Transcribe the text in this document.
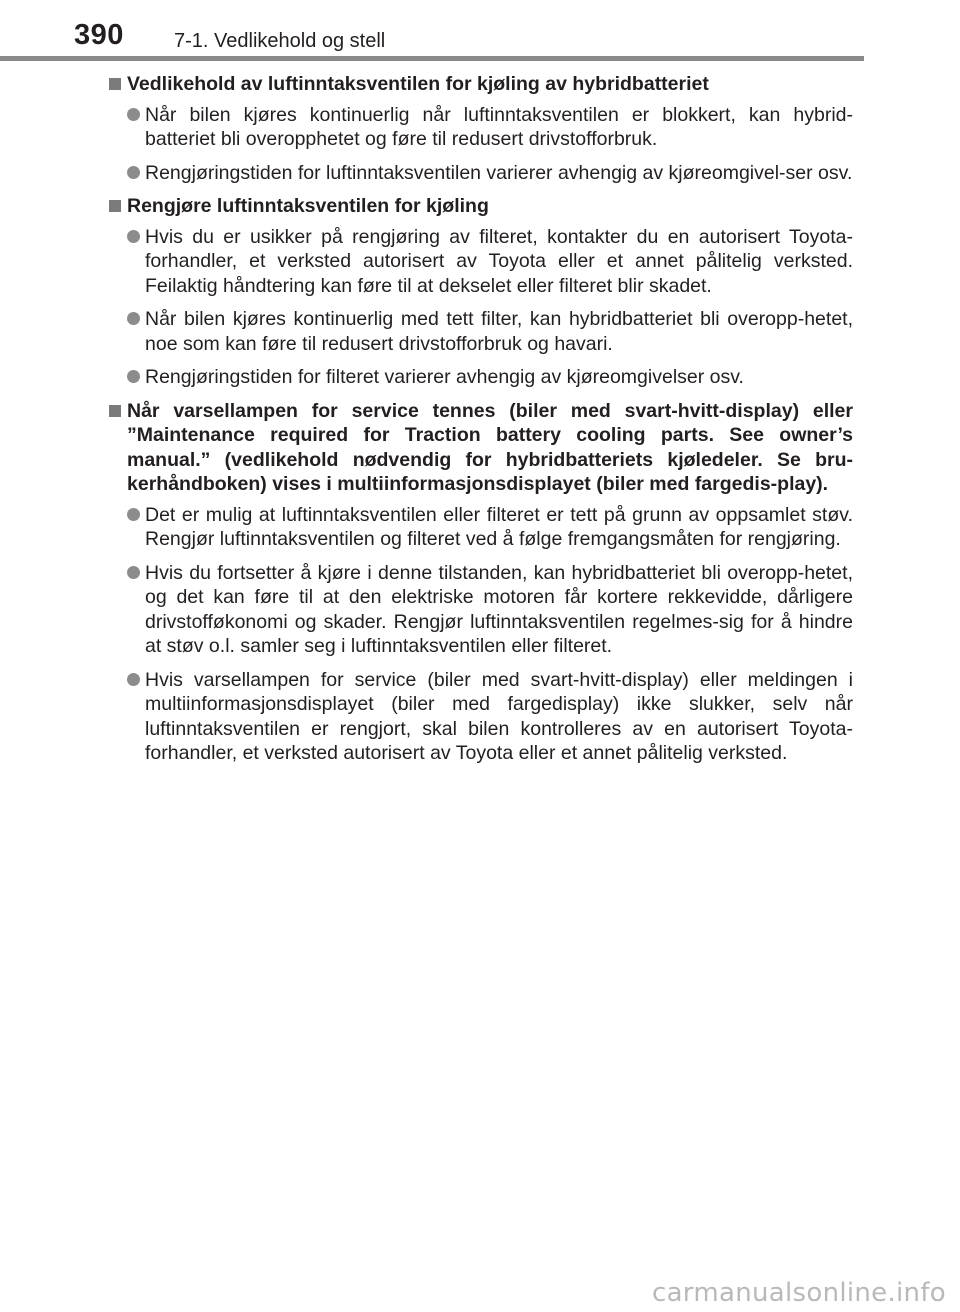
390	7-1. Vedlikehold og stell
Vedlikehold av luftinntaksventilen for kjøling av hybridbatteriet
Når bilen kjøres kontinuerlig når luftinntaksventilen er blokkert, kan hybrid-batteriet bli overopphetet og føre til redusert drivstofforbruk.
Rengjøringstiden for luftinntaksventilen varierer avhengig av kjøreomgivel-ser osv.
Rengjøre luftinntaksventilen for kjøling
Hvis du er usikker på rengjøring av filteret, kontakter du en autorisert Toyota-forhandler, et verksted autorisert av Toyota eller et annet pålitelig verksted. Feilaktig håndtering kan føre til at dekselet eller filteret blir skadet.
Når bilen kjøres kontinuerlig med tett filter, kan hybridbatteriet bli overopp-hetet, noe som kan føre til redusert drivstofforbruk og havari.
Rengjøringstiden for filteret varierer avhengig av kjøreomgivelser osv.
Når varsellampen for service tennes (biler med svart-hvitt-display) eller ”Maintenance required for Traction battery cooling parts. See owner’s manual.” (vedlikehold nødvendig for hybridbatteriets kjøledeler. Se bru-kerhåndboken) vises i multiinformasjonsdisplayet (biler med fargedis-play).
Det er mulig at luftinntaksventilen eller filteret er tett på grunn av oppsamlet støv. Rengjør luftinntaksventilen og filteret ved å følge fremgangsmåten for rengjøring.
Hvis du fortsetter å kjøre i denne tilstanden, kan hybridbatteriet bli overopp-hetet, og det kan føre til at den elektriske motoren får kortere rekkevidde, dårligere drivstofføkonomi og skader. Rengjør luftinntaksventilen regelmes-sig for å hindre at støv o.l. samler seg i luftinntaksventilen eller filteret.
Hvis varsellampen for service (biler med svart-hvitt-display) eller meldingen i multiinformasjonsdisplayet (biler med fargedisplay) ikke slukker, selv når luftinntaksventilen er rengjort, skal bilen kontrolleres av en autorisert Toyota-forhandler, et verksted autorisert av Toyota eller et annet pålitelig verksted.
carmanualsonline.info
